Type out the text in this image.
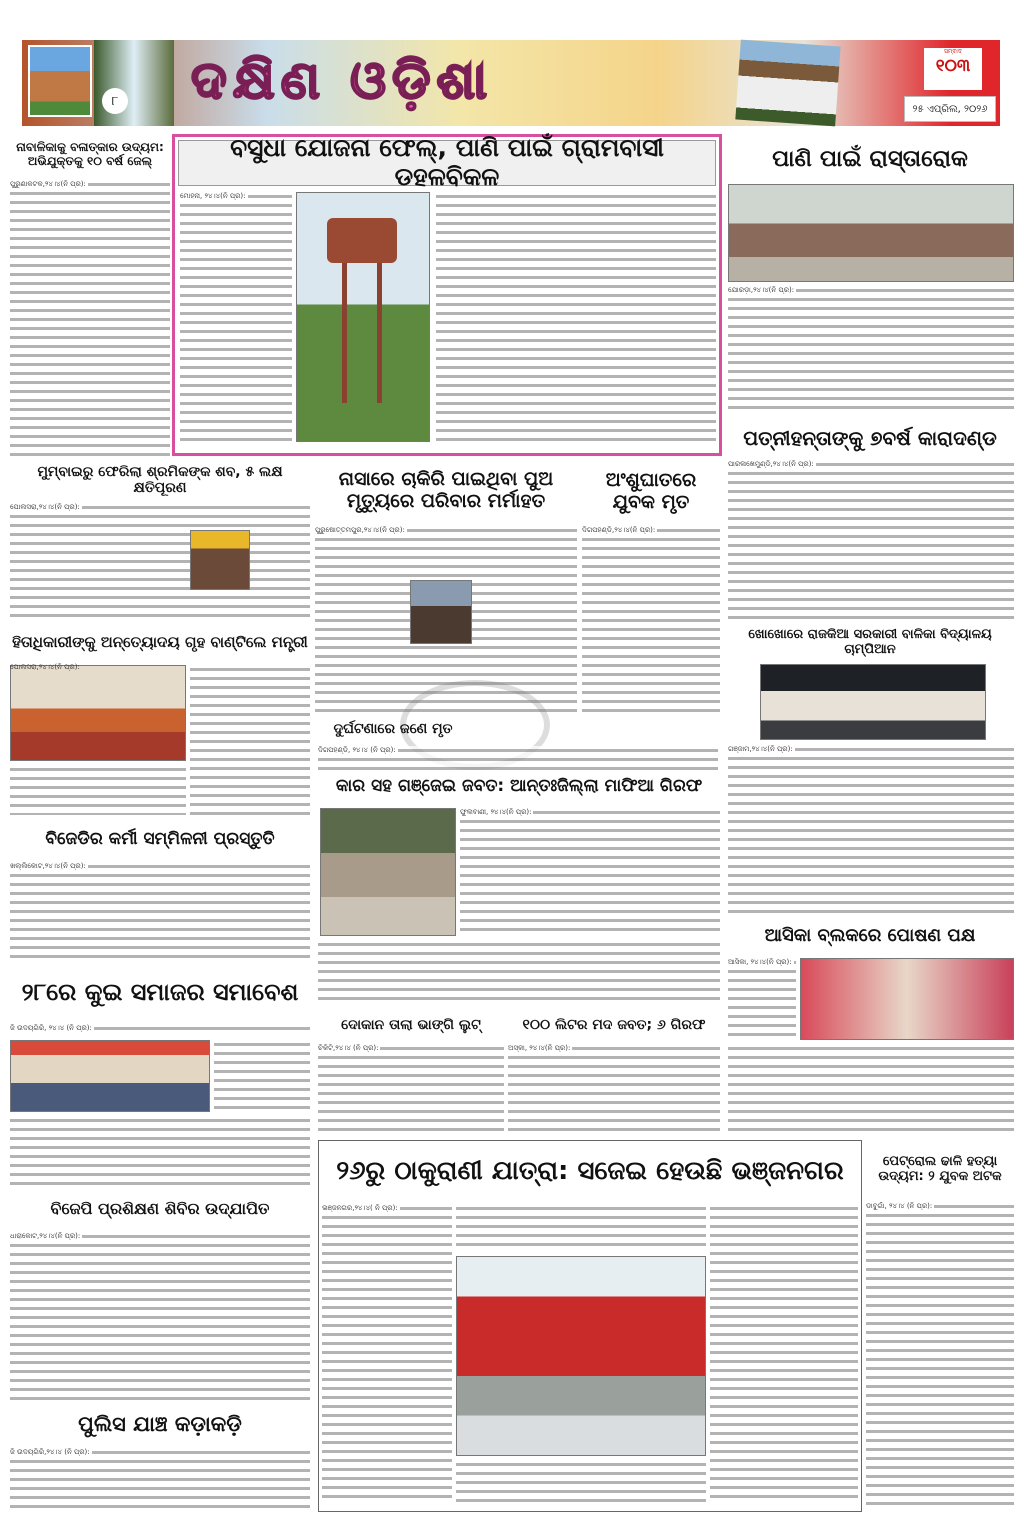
୮ ଦକ୍ଷିଣ ଓଡ଼ିଶା	ସମ୍ବାଦ
୧୦୩
୨୫ ଏପ୍ରିଲ, ୨୦୨୬
ନାବାଳିକାକୁ ବଳାତ୍କାର ଉଦ୍ୟମ: ଅଭିଯୁକ୍ତକୁ ୧୦ ବର୍ଷ ଜେଲ୍
ପୁରୁଣାକଟକ,୨୪।୪(ନି ପ୍ର):
ବସୁଧା ଯୋଜନା ଫେଲ୍, ପାଣି ପାଇଁ ଗ୍ରାମବାସୀ ଡହଳବିକଳ
ମୋହନା, ୨୪।୪(ନି ପ୍ର):
ପାଣି ପାଇଁ ରାସ୍ତାରୋକ
ଯୋରଡ଼ା,୨୪।୪(ନି ପ୍ର):
ପତ୍ନୀହନ୍ତାଙ୍କୁ ୭ବର୍ଷ କାରାଦଣ୍ଡ
ପାରଳାଖେମୁଣ୍ଡି,୨୪।୪(ନି ପ୍ର):
ମୁମ୍ବାଇରୁ ଫେରିଲା ଶ୍ରମିକଙ୍କ ଶବ, ୫ ଲକ୍ଷ କ୍ଷତିପୂରଣ
ପୋଲସରା,୨୪।୪(ନି ପ୍ର):
ନାସାରେ ଚାକିରି ପାଇଥିବା ପୁଅ ମୃତ୍ୟୁରେ ପରିବାର ମର୍ମାହତ
ପୁରୁଷୋତ୍ତମପୁର,୨୪।୪(ନି ପ୍ର):
ଅଂଶୁଘାତରେ ଯୁବକ ମୃତ
ଦିଗପହଣ୍ଡି,୨୪।୪(ନି ପ୍ର):
ହିତାଧିକାରୀଙ୍କୁ ଅନ୍ତ୍ୟୋଦୟ ଗୃହ ବାଣ୍ଟିଲେ ମନ୍ତ୍ରୀ
ପୋଲସରା,୨୪।୪(ନି ପ୍ର):
ଖୋଖୋରେ ରାଜକିଆ ସରକାରୀ ବାଳିକା ବିଦ୍ୟାଳୟ ଚାମ୍ପିଆନ
ଗଞ୍ଜାମ,୨୪।୪(ନି ପ୍ର):
ଦୁର୍ଘଟଣାରେ ଜଣେ ମୃତ
ଦିଗପହଣ୍ଡି, ୨୪।୪ (ନି ପ୍ର):
କାର ସହ ଗଞ୍ଜେଇ ଜବତ: ଆନ୍ତଃଜିଲ୍ଲା ମାଫିଆ ଗିରଫ
ଫୁଲବାଣୀ, ୨୪।୪(ନି ପ୍ର):
ବିଜେଡିର କର୍ମୀ ସମ୍ମିଳନୀ ପ୍ରସ୍ତୁତି
ଖଲ୍ଲିକୋଟ,୨୪।୪(ନି ପ୍ର):
ଆସିକା ବ୍ଲକରେ ପୋଷଣ ପକ୍ଷ
ଆସିକା, ୨୪।୪(ନି ପ୍ର):
୨୮ରେ କୁଇ ସମାଜର ସମାବେଶ
ଜି ଉଦୟଗିରି, ୨୪।୪ (ନି ପ୍ର):	ଦୋକାନ ତାଲା ଭାଙ୍ଗି ଲୁଟ୍
ଚିକିଟି,୨୪।୪ (ନି ପ୍ର):
୧୦୦ ଲିଟର ମଦ ଜବତ; ୬ ଗିରଫ
ଅସ୍କା, ୨୪।୪(ନି ପ୍ର):
୨୬ରୁ ଠାକୁରାଣୀ ଯାତ୍ରା: ସଜେଇ ହେଉଛି ଭଞ୍ଜନଗର
ଭଞ୍ଜନଗର,୨୪।୪( ନି ପ୍ର):
ପେଟ୍ରୋଲ ଢାଳି ହତ୍ୟା ଉଦ୍ୟମ: ୨ ଯୁବକ ଅଟକ
ଡାବୁଗାଁ, ୨୪।୪ (ନି ପ୍ର):
ବିଜେପି ପ୍ରଶିକ୍ଷଣ ଶିବିର ଉଦ୍ଯାପିତ
ଧାରାକୋଟ,୨୪।୪(ନି ପ୍ର):
ପୁଲିସ ଯାଞ୍ଚ କଡ଼ାକଡ଼ି
ଜି ଉଦୟଗିରି,୨୪।୪ (ନି ପ୍ର):
